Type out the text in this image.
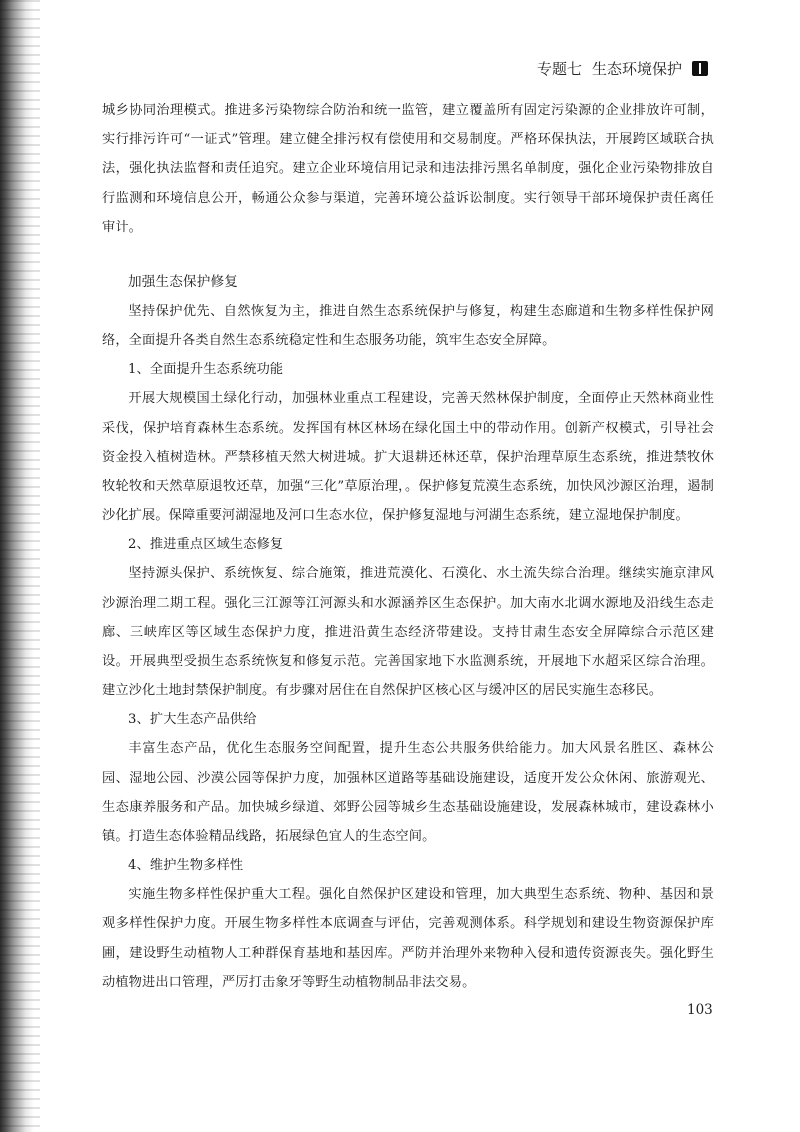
专题七 生态环境保护

城乡协同治理模式。推进多污染物综合防治和统一监管，建立覆盖所有固定污染源的企业排放许可制，实行排污许可“一证式”管理。建立健全排污权有偿使用和交易制度。严格环保执法，开展跨区域联合执法，强化执法监督和责任追究。建立企业环境信用记录和违法排污黑名单制度，强化企业污染物排放自行监测和环境信息公开，畅通公众参与渠道，完善环境公益诉讼制度。实行领导干部环境保护责任离任审计。

加强生态保护修复

坚持保护优先、自然恢复为主，推进自然生态系统保护与修复，构建生态廊道和生物多样性保护网络，全面提升各类自然生态系统稳定性和生态服务功能，筑牢生态安全屏障。

1、全面提升生态系统功能

开展大规模国土绿化行动，加强林业重点工程建设，完善天然林保护制度，全面停止天然林商业性采伐，保护培育森林生态系统。发挥国有林区林场在绿化国土中的带动作用。创新产权模式，引导社会资金投入植树造林。严禁移植天然大树进城。扩大退耕还林还草，保护治理草原生态系统，推进禁牧休牧轮牧和天然草原退牧还草，加强“三化”草原治理，。保护修复荒漠生态系统，加快风沙源区治理，遏制沙化扩展。保障重要河湖湿地及河口生态水位，保护修复湿地与河湖生态系统，建立湿地保护制度。

2、推进重点区域生态修复

坚持源头保护、系统恢复、综合施策，推进荒漠化、石漠化、水土流失综合治理。继续实施京津风沙源治理二期工程。强化三江源等江河源头和水源涵养区生态保护。加大南水北调水源地及沿线生态走廊、三峡库区等区域生态保护力度，推进沿黄生态经济带建设。支持甘肃生态安全屏障综合示范区建设。开展典型受损生态系统恢复和修复示范。完善国家地下水监测系统，开展地下水超采区综合治理。建立沙化土地封禁保护制度。有步骤对居住在自然保护区核心区与缓冲区的居民实施生态移民。

3、扩大生态产品供给

丰富生态产品，优化生态服务空间配置，提升生态公共服务供给能力。加大风景名胜区、森林公园、湿地公园、沙漠公园等保护力度，加强林区道路等基础设施建设，适度开发公众休闲、旅游观光、生态康养服务和产品。加快城乡绿道、郊野公园等城乡生态基础设施建设，发展森林城市，建设森林小镇。打造生态体验精品线路，拓展绿色宜人的生态空间。

4、维护生物多样性

实施生物多样性保护重大工程。强化自然保护区建设和管理，加大典型生态系统、物种、基因和景观多样性保护力度。开展生物多样性本底调查与评估，完善观测体系。科学规划和建设生物资源保护库圃，建设野生动植物人工种群保育基地和基因库。严防并治理外来物种入侵和遗传资源丧失。强化野生动植物进出口管理，严厉打击象牙等野生动植物制品非法交易。

103
